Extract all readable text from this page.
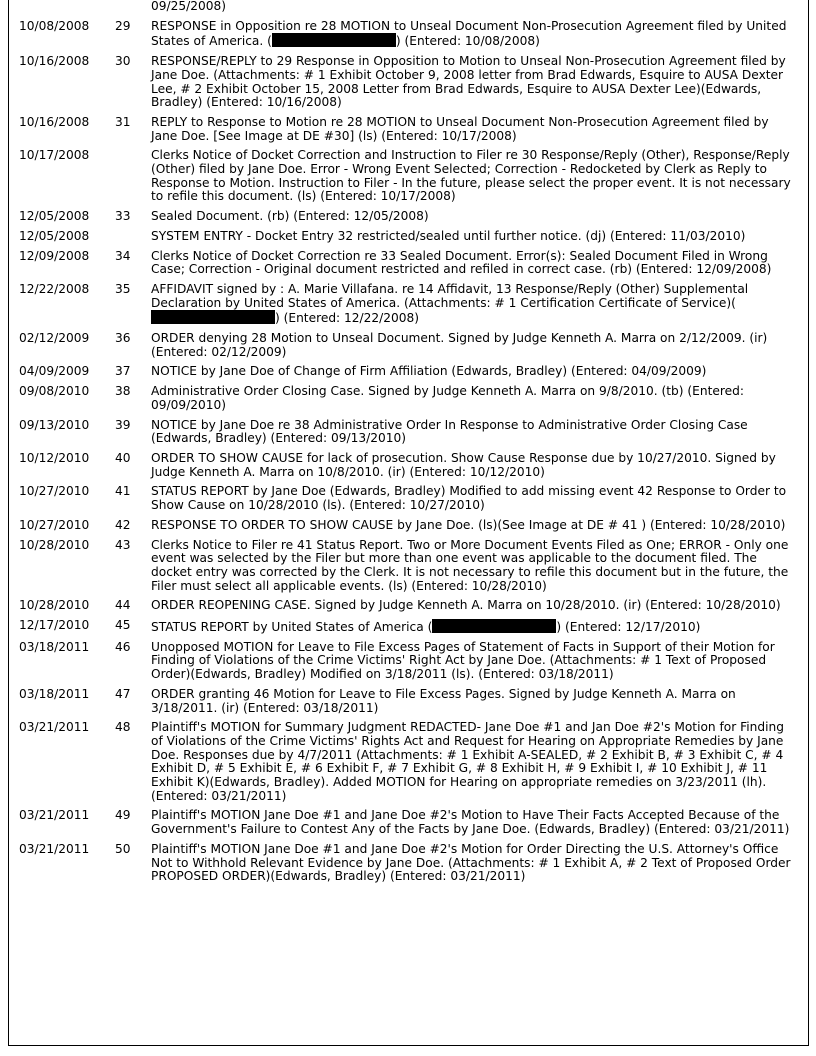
		09/25/2008)
10/08/2008	29	RESPONSE in Opposition re 28 MOTION to Unseal Document Non-Prosecution Agreement filed by United States of America. ( ) (Entered: 10/08/2008)
10/16/2008	30	RESPONSE/REPLY to 29 Response in Opposition to Motion to Unseal Non-Prosecution Agreement filed by Jane Doe. (Attachments: # 1 Exhibit October 9, 2008 letter from Brad Edwards, Esquire to AUSA Dexter Lee, # 2 Exhibit October 15, 2008 Letter from Brad Edwards, Esquire to AUSA Dexter Lee)(Edwards, Bradley) (Entered: 10/16/2008)
10/16/2008	31	REPLY to Response to Motion re 28 MOTION to Unseal Document Non-Prosecution Agreement filed by Jane Doe. [See Image at DE #30] (ls) (Entered: 10/17/2008)
10/17/2008		Clerks Notice of Docket Correction and Instruction to Filer re 30 Response/Reply (Other), Response/Reply (Other) filed by Jane Doe. Error - Wrong Event Selected; Correction - Redocketed by Clerk as Reply to Response to Motion. Instruction to Filer - In the future, please select the proper event. It is not necessary to refile this document. (ls) (Entered: 10/17/2008)
12/05/2008	33	Sealed Document. (rb) (Entered: 12/05/2008)
12/05/2008		SYSTEM ENTRY - Docket Entry 32 restricted/sealed until further notice. (dj) (Entered: 11/03/2010)
12/09/2008	34	Clerks Notice of Docket Correction re 33 Sealed Document. Error(s): Sealed Document Filed in Wrong Case; Correction - Original document restricted and refiled in correct case. (rb) (Entered: 12/09/2008)
12/22/2008	35	AFFIDAVIT signed by : A. Marie Villafana. re 14 Affidavit, 13 Response/Reply (Other) Supplemental Declaration by United States of America. (Attachments: # 1 Certification Certificate of Service)() (Entered: 12/22/2008)
02/12/2009	36	ORDER denying 28 Motion to Unseal Document. Signed by Judge Kenneth A. Marra on 2/12/2009. (ir) (Entered: 02/12/2009)
04/09/2009	37	NOTICE by Jane Doe of Change of Firm Affiliation (Edwards, Bradley) (Entered: 04/09/2009)
09/08/2010	38	Administrative Order Closing Case. Signed by Judge Kenneth A. Marra on 9/8/2010. (tb) (Entered: 09/09/2010)
09/13/2010	39	NOTICE by Jane Doe re 38 Administrative Order In Response to Administrative Order Closing Case (Edwards, Bradley) (Entered: 09/13/2010)
10/12/2010	40	ORDER TO SHOW CAUSE for lack of prosecution. Show Cause Response due by 10/27/2010. Signed by Judge Kenneth A. Marra on 10/8/2010. (ir) (Entered: 10/12/2010)
10/27/2010	41	STATUS REPORT by Jane Doe (Edwards, Bradley) Modified to add missing event 42 Response to Order to Show Cause on 10/28/2010 (ls). (Entered: 10/27/2010)
10/27/2010	42	RESPONSE TO ORDER TO SHOW CAUSE by Jane Doe. (ls)(See Image at DE # 41 ) (Entered: 10/28/2010)
10/28/2010	43	Clerks Notice to Filer re 41 Status Report. Two or More Document Events Filed as One; ERROR - Only one event was selected by the Filer but more than one event was applicable to the document filed. The docket entry was corrected by the Clerk. It is not necessary to refile this document but in the future, the Filer must select all applicable events. (ls) (Entered: 10/28/2010)
10/28/2010	44	ORDER REOPENING CASE. Signed by Judge Kenneth A. Marra on 10/28/2010. (ir) (Entered: 10/28/2010)
12/17/2010	45	STATUS REPORT by United States of America ( ) (Entered: 12/17/2010)
03/18/2011	46	Unopposed MOTION for Leave to File Excess Pages of Statement of Facts in Support of their Motion for Finding of Violations of the Crime Victims' Right Act by Jane Doe. (Attachments: # 1 Text of Proposed Order)(Edwards, Bradley) Modified on 3/18/2011 (ls). (Entered: 03/18/2011)
03/18/2011	47	ORDER granting 46 Motion for Leave to File Excess Pages. Signed by Judge Kenneth A. Marra on 3/18/2011. (ir) (Entered: 03/18/2011)
03/21/2011	48	Plaintiff's MOTION for Summary Judgment REDACTED- Jane Doe #1 and Jan Doe #2's Motion for Finding of Violations of the Crime Victims' Rights Act and Request for Hearing on Appropriate Remedies by Jane Doe. Responses due by 4/7/2011 (Attachments: # 1 Exhibit A-SEALED, # 2 Exhibit B, # 3 Exhibit C, # 4 Exhibit D, # 5 Exhibit E, # 6 Exhibit F, # 7 Exhibit G, # 8 Exhibit H, # 9 Exhibit I, # 10 Exhibit J, # 11 Exhibit K)(Edwards, Bradley). Added MOTION for Hearing on appropriate remedies on 3/23/2011 (lh). (Entered: 03/21/2011)
03/21/2011	49	Plaintiff's MOTION Jane Doe #1 and Jane Doe #2's Motion to Have Their Facts Accepted Because of the Government's Failure to Contest Any of the Facts by Jane Doe. (Edwards, Bradley) (Entered: 03/21/2011)
03/21/2011	50	Plaintiff's MOTION Jane Doe #1 and Jane Doe #2's Motion for Order Directing the U.S. Attorney's Office Not to Withhold Relevant Evidence by Jane Doe. (Attachments: # 1 Exhibit A, # 2 Text of Proposed Order PROPOSED ORDER)(Edwards, Bradley) (Entered: 03/21/2011)
